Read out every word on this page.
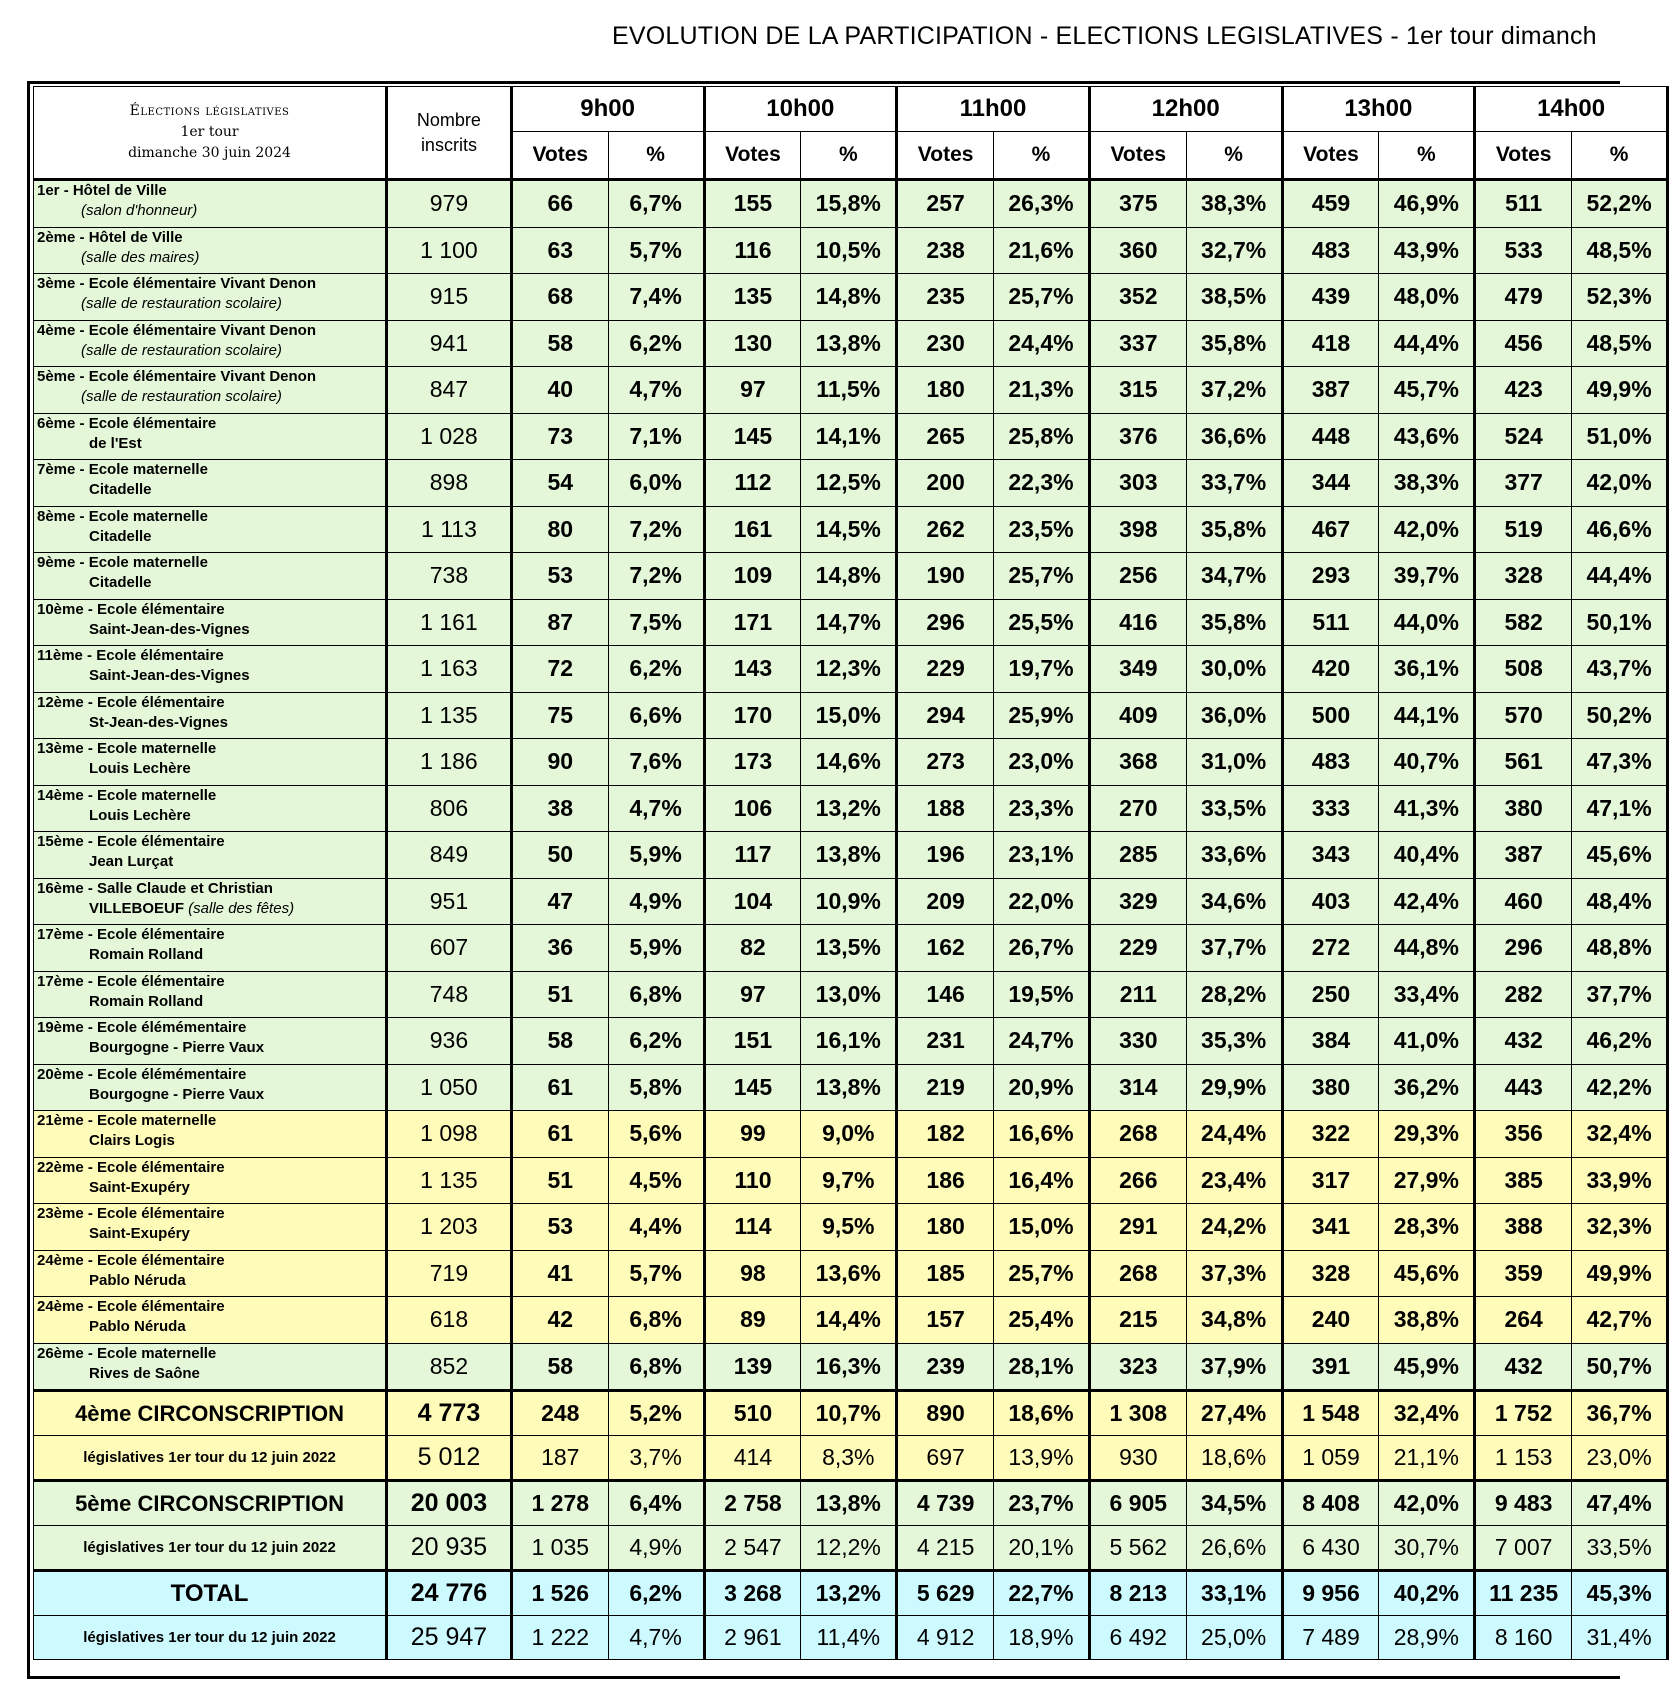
EVOLUTION DE LA PARTICIPATION - ELECTIONS LEGISLATIVES - 1er tour dimanch
Élections législatives
1er tour
dimanche 30 juin 2024	Nombre
inscrits	9h00		10h00		11h00		12h00		13h00		14h00	
		Votes	%	Votes	%	Votes	%	Votes	%	Votes	%	Votes	%

1er - Hôtel de Ville
(salon d'honneur)	979	66	6,7%	155	15,8%	257	26,3%	375	38,3%	459	46,9%	511	52,2%

2ème - Hôtel de Ville
(salle des maires)	1 100	63	5,7%	116	10,5%	238	21,6%	360	32,7%	483	43,9%	533	48,5%

3ème - Ecole élémentaire Vivant Denon
(salle de restauration scolaire)	915	68	7,4%	135	14,8%	235	25,7%	352	38,5%	439	48,0%	479	52,3%

4ème - Ecole élémentaire Vivant Denon
(salle de restauration scolaire)	941	58	6,2%	130	13,8%	230	24,4%	337	35,8%	418	44,4%	456	48,5%

5ème - Ecole élémentaire Vivant Denon
(salle de restauration scolaire)	847	40	4,7%	97	11,5%	180	21,3%	315	37,2%	387	45,7%	423	49,9%

6ème - Ecole élémentaire
de l'Est	1 028	73	7,1%	145	14,1%	265	25,8%	376	36,6%	448	43,6%	524	51,0%

7ème - Ecole maternelle
Citadelle	898	54	6,0%	112	12,5%	200	22,3%	303	33,7%	344	38,3%	377	42,0%

8ème - Ecole maternelle
Citadelle	1 113	80	7,2%	161	14,5%	262	23,5%	398	35,8%	467	42,0%	519	46,6%

9ème - Ecole maternelle
Citadelle	738	53	7,2%	109	14,8%	190	25,7%	256	34,7%	293	39,7%	328	44,4%

10ème - Ecole élémentaire
Saint-Jean-des-Vignes	1 161	87	7,5%	171	14,7%	296	25,5%	416	35,8%	511	44,0%	582	50,1%

11ème - Ecole élémentaire
Saint-Jean-des-Vignes	1 163	72	6,2%	143	12,3%	229	19,7%	349	30,0%	420	36,1%	508	43,7%

12ème - Ecole élémentaire
St-Jean-des-Vignes	1 135	75	6,6%	170	15,0%	294	25,9%	409	36,0%	500	44,1%	570	50,2%

13ème - Ecole maternelle
Louis Lechère	1 186	90	7,6%	173	14,6%	273	23,0%	368	31,0%	483	40,7%	561	47,3%

14ème - Ecole maternelle
Louis Lechère	806	38	4,7%	106	13,2%	188	23,3%	270	33,5%	333	41,3%	380	47,1%

15ème - Ecole élémentaire
Jean Lurçat	849	50	5,9%	117	13,8%	196	23,1%	285	33,6%	343	40,4%	387	45,6%

16ème - Salle Claude et Christian
VILLEBOEUF (salle des fêtes)	951	47	4,9%	104	10,9%	209	22,0%	329	34,6%	403	42,4%	460	48,4%

17ème - Ecole élémentaire
Romain Rolland	607	36	5,9%	82	13,5%	162	26,7%	229	37,7%	272	44,8%	296	48,8%

17ème - Ecole élémentaire
Romain Rolland	748	51	6,8%	97	13,0%	146	19,5%	211	28,2%	250	33,4%	282	37,7%

19ème - Ecole élémémentaire
Bourgogne - Pierre Vaux	936	58	6,2%	151	16,1%	231	24,7%	330	35,3%	384	41,0%	432	46,2%

20ème - Ecole élémémentaire
Bourgogne - Pierre Vaux	1 050	61	5,8%	145	13,8%	219	20,9%	314	29,9%	380	36,2%	443	42,2%

21ème - Ecole maternelle
Clairs Logis	1 098	61	5,6%	99	9,0%	182	16,6%	268	24,4%	322	29,3%	356	32,4%

22ème - Ecole élémentaire
Saint-Exupéry	1 135	51	4,5%	110	9,7%	186	16,4%	266	23,4%	317	27,9%	385	33,9%

23ème - Ecole élémentaire
Saint-Exupéry	1 203	53	4,4%	114	9,5%	180	15,0%	291	24,2%	341	28,3%	388	32,3%

24ème - Ecole élémentaire
Pablo Néruda	719	41	5,7%	98	13,6%	185	25,7%	268	37,3%	328	45,6%	359	49,9%

24ème - Ecole élémentaire
Pablo Néruda	618	42	6,8%	89	14,4%	157	25,4%	215	34,8%	240	38,8%	264	42,7%

26ème - Ecole maternelle
Rives de Saône	852	58	6,8%	139	16,3%	239	28,1%	323	37,9%	391	45,9%	432	50,7%
4ème CIRCONSCRIPTION	4 773	248	5,2%	510	10,7%	890	18,6%	1 308	27,4%	1 548	32,4%	1 752	36,7%
législatives 1er tour du 12 juin 2022	5 012	187	3,7%	414	8,3%	697	13,9%	930	18,6%	1 059	21,1%	1 153	23,0%
5ème CIRCONSCRIPTION	20 003	1 278	6,4%	2 758	13,8%	4 739	23,7%	6 905	34,5%	8 408	42,0%	9 483	47,4%
législatives 1er tour du 12 juin 2022	20 935	1 035	4,9%	2 547	12,2%	4 215	20,1%	5 562	26,6%	6 430	30,7%	7 007	33,5%
TOTAL	24 776	1 526	6,2%	3 268	13,2%	5 629	22,7%	8 213	33,1%	9 956	40,2%	11 235	45,3%
législatives 1er tour du 12 juin 2022	25 947	1 222	4,7%	2 961	11,4%	4 912	18,9%	6 492	25,0%	7 489	28,9%	8 160	31,4%
